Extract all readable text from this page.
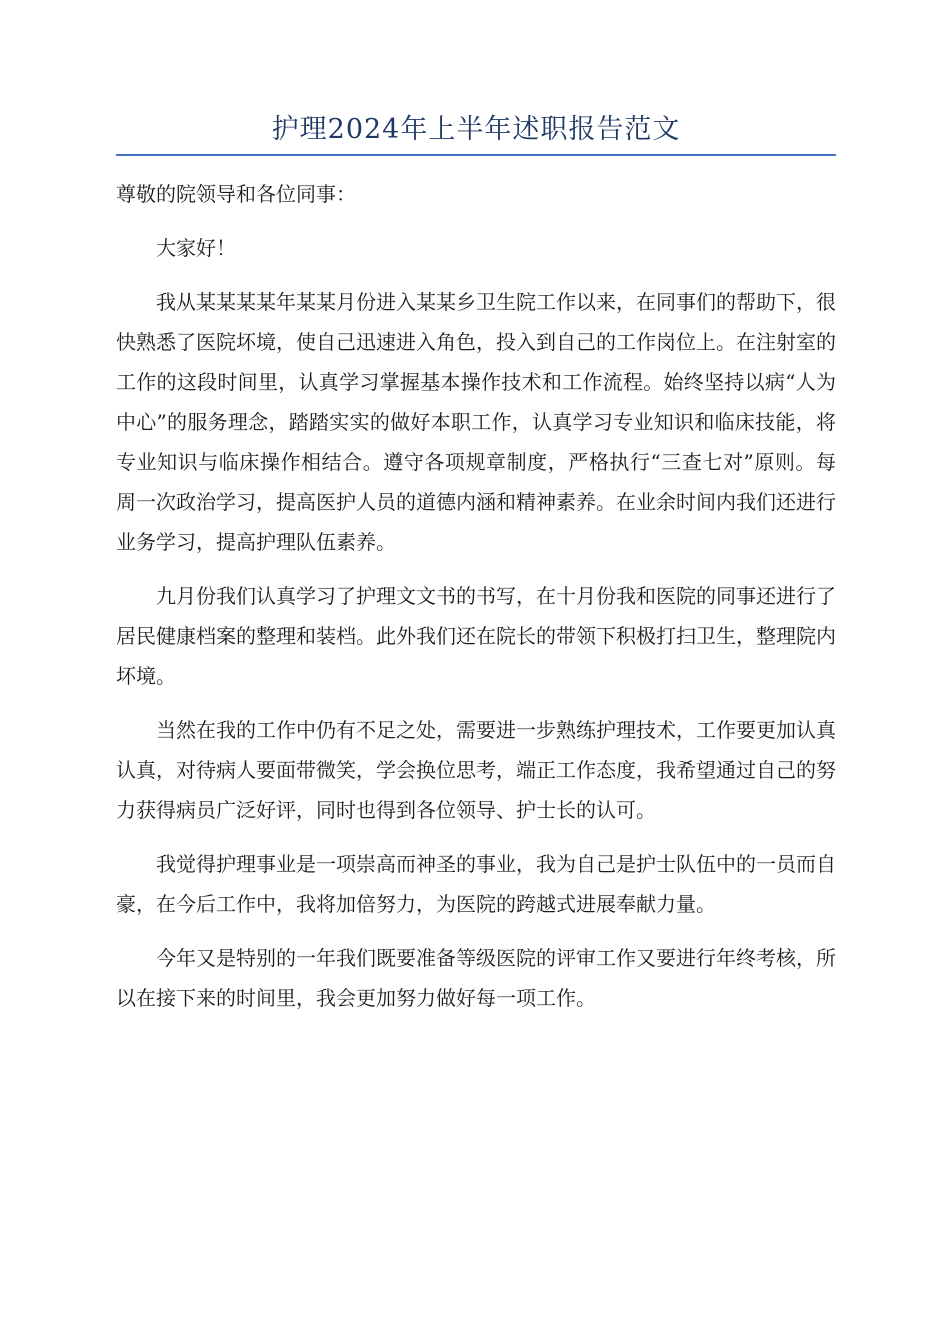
护理2024年上半年述职报告范文

尊敬的院领导和各位同事：

大家好！

我从某某某某年某某月份进入某某乡卫生院工作以来，在同事们的帮助下，很快熟悉了医院坏境，使自己迅速进入角色，投入到自己的工作岗位上。在注射室的工作的这段时间里，认真学习掌握基本操作技术和工作流程。始终坚持以病“人为中心”的服务理念，踏踏实实的做好本职工作，认真学习专业知识和临床技能，将专业知识与临床操作相结合。遵守各项规章制度，严格执行“三查七对”原则。每周一次政治学习，提高医护人员的道德内涵和精神素养。在业余时间内我们还进行业务学习，提高护理队伍素养。

九月份我们认真学习了护理文文书的书写，在十月份我和医院的同事还进行了居民健康档案的整理和装档。此外我们还在院长的带领下积极打扫卫生，整理院内坏境。

当然在我的工作中仍有不足之处，需要进一步熟练护理技术，工作要更加认真认真，对待病人要面带微笑，学会换位思考，端正工作态度，我希望通过自己的努力获得病员广泛好评，同时也得到各位领导、护士长的认可。

我觉得护理事业是一项崇高而神圣的事业，我为自己是护士队伍中的一员而自豪，在今后工作中，我将加倍努力，为医院的跨越式进展奉献力量。

今年又是特别的一年我们既要准备等级医院的评审工作又要进行年终考核，所以在接下来的时间里，我会更加努力做好每一项工作。
